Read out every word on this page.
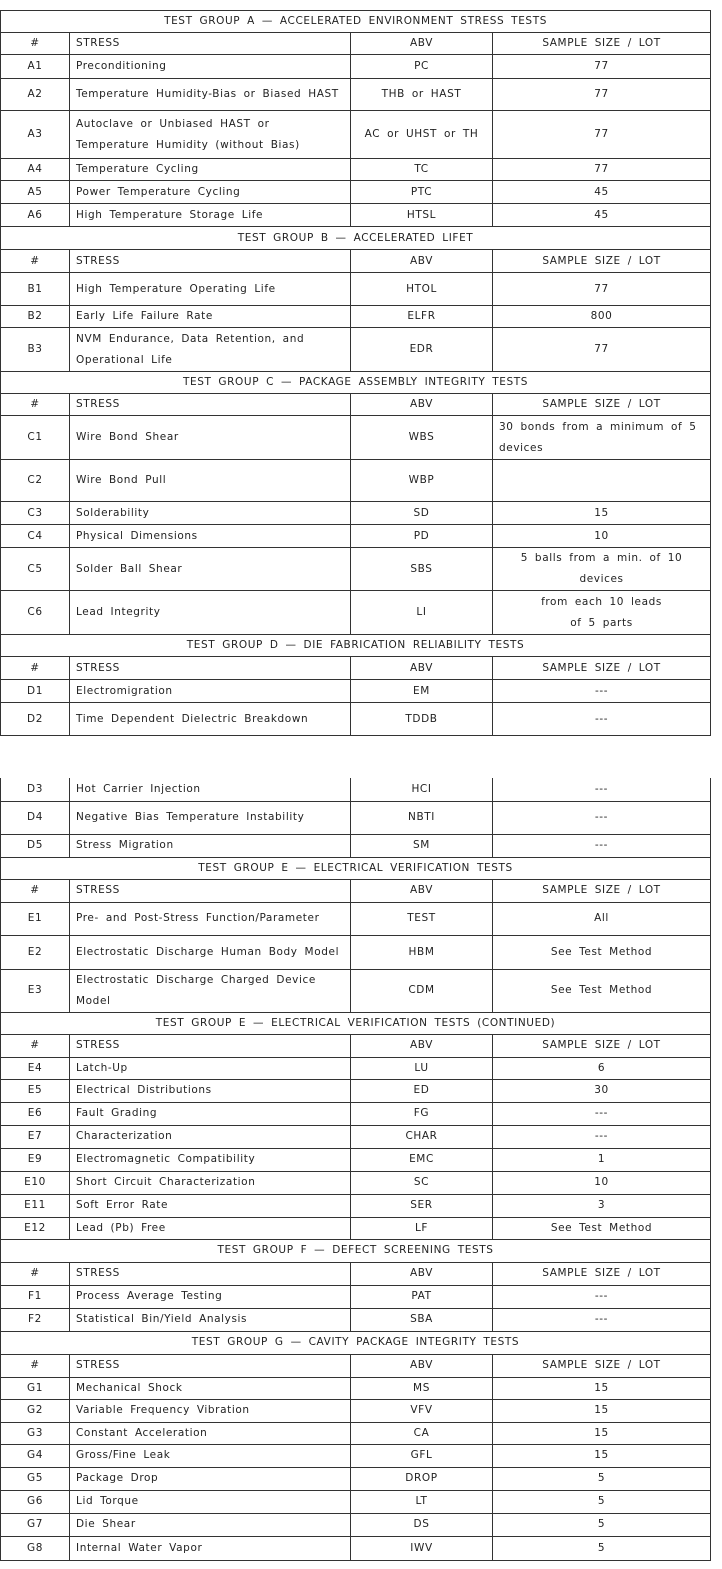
TEST GROUP A — ACCELERATED ENVIRONMENT STRESS TESTS			
#	STRESS	ABV	SAMPLE SIZE / LOT
A1	Preconditioning	PC	77
A2	Temperature Humidity-Bias or Biased HAST	THB or HAST	77
A3	Autoclave or Unbiased HAST or Temperature Humidity (without Bias)	AC or UHST or TH	77
A4	Temperature Cycling	TC	77
A5	Power Temperature Cycling	PTC	45
A6	High Temperature Storage Life	HTSL	45
TEST GROUP B — ACCELERATED LIFET			
#	STRESS	ABV	SAMPLE SIZE / LOT
B1	High Temperature Operating Life	HTOL	77
B2	Early Life Failure Rate	ELFR	800
B3	NVM Endurance, Data Retention, and Operational Life	EDR	77
TEST GROUP C — PACKAGE ASSEMBLY INTEGRITY TESTS			
#	STRESS	ABV	SAMPLE SIZE / LOT
C1	Wire Bond Shear	WBS	30 bonds from a minimum of 5 devices
C2	Wire Bond Pull	WBP	
C3	Solderability	SD	15
C4	Physical Dimensions	PD	10
C5	Solder Ball Shear	SBS	5 balls from a min. of 10 devices
C6	Lead Integrity	LI	from each 10 leads
of 5 parts
TEST GROUP D — DIE FABRICATION RELIABILITY TESTS			
#	STRESS	ABV	SAMPLE SIZE / LOT
D1	Electromigration	EM	---
D2	Time Dependent Dielectric Breakdown	TDDB	---
D3	Hot Carrier Injection	HCI	---
D4	Negative Bias Temperature Instability	NBTI	---
D5	Stress Migration	SM	---
TEST GROUP E — ELECTRICAL VERIFICATION TESTS			
#	STRESS	ABV	SAMPLE SIZE / LOT
E1	Pre- and Post-Stress Function/Parameter	TEST	All
E2	Electrostatic Discharge Human Body Model	HBM	See Test Method
E3	Electrostatic Discharge Charged Device Model	CDM	See Test Method
TEST GROUP E — ELECTRICAL VERIFICATION TESTS (CONTINUED)			
#	STRESS	ABV	SAMPLE SIZE / LOT
E4	Latch-Up	LU	6
E5	Electrical Distributions	ED	30
E6	Fault Grading	FG	---
E7	Characterization	CHAR	---
E9	Electromagnetic Compatibility	EMC	1
E10	Short Circuit Characterization	SC	10
E11	Soft Error Rate	SER	3
E12	Lead (Pb) Free	LF	See Test Method
TEST GROUP F — DEFECT SCREENING TESTS			
#	STRESS	ABV	SAMPLE SIZE / LOT
F1	Process Average Testing	PAT	---
F2	Statistical Bin/Yield Analysis	SBA	---
TEST GROUP G — CAVITY PACKAGE INTEGRITY TESTS			
#	STRESS	ABV	SAMPLE SIZE / LOT
G1	Mechanical Shock	MS	15
G2	Variable Frequency Vibration	VFV	15
G3	Constant Acceleration	CA	15
G4	Gross/Fine Leak	GFL	15
G5	Package Drop	DROP	5
G6	Lid Torque	LT	5
G7	Die Shear	DS	5
G8	Internal Water Vapor	IWV	5
